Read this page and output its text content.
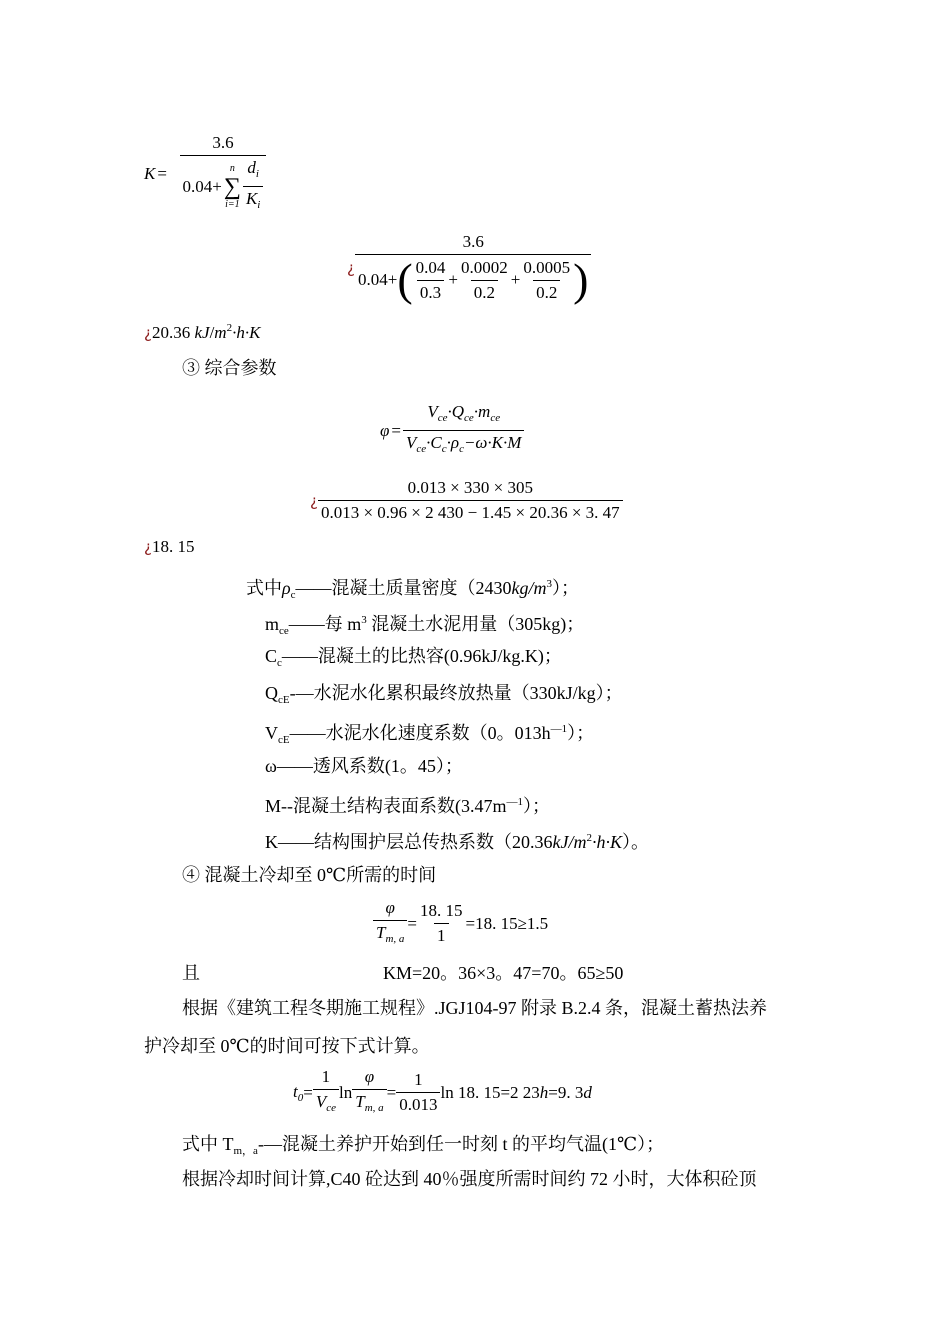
K =
3.6
0.04 +
n
∑
$i=1 \frac{d_i}{K_i}$
¿
3.6
0.04 + ( $\frac{0.04}{0.3} + \frac{0.0002}{0.2} + \frac{0.0005}{0.2}$ )
¿20.36 $kJ/m^2\cdot h\cdot K$
③ 综合参数
$\varphi = \frac{V_{ce}\cdot Q_{ce}\cdot m_{ce}}{V_{ce}\cdot C_c\cdot\rho_c-\omega\cdot K\cdot M}$
¿ $\frac{0.013 \times 330 \times 305}{0.013 \times 0.96 \times 2 430 - 1.45 \times 20.36 \times 3. 47}$
¿18. 15
式中$\rho_c——$混凝土质量密度$(2430kg/m^3)$；
$m_{ce}——$每 $m^3$ 混凝土水泥用量（305kg)；
$C_c——$混凝土的比热容(0.96kJ/kg.K)；
$Q_{cE}-—$水泥水化累积最终放热量（330kJ/kg）；
$V_{cE}——$水泥水化速度系数（0。$013h^{—1}$）；
ω——透风系数(1。45）；
M--混凝土结构表面系数$(3.47m^{—1})$；
K——结构围护层总传热系数$(20.36kJ/m^2\cdot h\cdot K)$。
④ 混凝土冷却至 0℃所需的时间
$\frac{\varphi}{T_{m, a}} = \frac{18. 15}{1} =18$. 15≥1.5
且	KM=20。36×3。47=70。65≥50
根据《建筑工程冬期施工规程》.JGJ104-97 附录 B.2.4 条，混凝土蓄热法养
护冷却至 0℃的时间可按下式计算。
$t_0 = \frac{1}{V_{ce}}$ $\ln \frac{\varphi}{T_{m, a}} = \frac{1}{0.013}$ ln 18. 15=2 23 h =9. 3 d
式中 $T_{m,a}-—$混凝土养护开始到任一时刻 t 的平均气温(1℃）；
根据冷却时间计算,C40 砼达到 40％强度所需时间约 72 小时，大体积砼顶
